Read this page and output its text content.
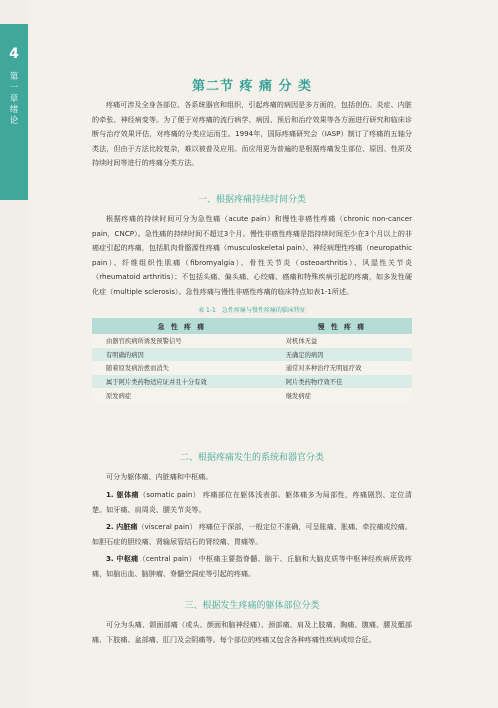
4
第一章 绪论
第二节 疼 痛 分 类
疼痛可涉及全身各部位、各系统器官和组织，引起疼痛的病因是多方面的，包括创伤、炎症、内脏的牵张、神经病变等。为了便于对疼痛的流行病学、病因、预后和治疗效果等各方面进行研究和临床诊断与治疗效果评估，对疼痛的分类应运而生。1994年，国际疼痛研究会（IASP）制订了疼痛的五轴分类法，但由于方法比较复杂，难以被普及应用。而应用更为普遍的是根据疼痛发生部位、原因、性质及持续时间等进行的疼痛分类方法。
一、根据疼痛持续时间分类
根据疼痛的持续时间可分为急性痛（acute pain）和慢性非癌性疼痛（chronic non-cancer pain，CNCP）。急性痛的持续时间不超过3个月。慢性非癌性疼痛是指持续时间至少在3个月以上的非癌症引起的疼痛，包括肌肉骨骼源性疼痛（musculoskeletal pain）、神经病理性疼痛（neuropathic pain）、纤维组织性肌痛（fibromyalgia）、骨性关节炎（osteoarthritis）、风湿性关节炎（rheumatoid arthritis）；不包括头痛、偏头痛、心绞痛、癌痛和特殊疾病引起的疼痛，如多发性硬化症（multiple sclerosis）。急性疼痛与慢性非癌性疼痛的临床特点如表1-1所述。
表 1-1　急性疼痛与慢性疼痛的临床特征
急 性 疼 痛	慢 性 疼 痛
由器官疾病所诱发预警信号	对机体无益
有明确的病因	无确定的病因
随着原发病治愈而消失	通常对多种治疗无明显疗效
属于阿片类药物适应证并且十分有效	阿片类药物疗效不佳
原发病症	继发病症
二、根据疼痛发生的系统和器官分类
可分为躯体痛、内脏痛和中枢痛。
1. 躯体痛（somatic pain） 疼痛部位在躯体浅表部。躯体痛多为局部性，疼痛剧烈、定位清楚。如牙痛、肩周炎、腰关节炎等。
2. 内脏痛（visceral pain） 疼痛位于深部，一般定位不准确，可呈胀痛、胀痛、牵拉痛或绞痛。如胆石症的胆绞痛、肾输尿管结石的肾绞痛、胃痛等。
3. 中枢痛（central pain） 中枢痛主要指脊髓、脑干、丘脑和大脑皮质等中枢神经疾病所致疼痛，如脑出血、脑肿瘤、脊髓空洞症等引起的疼痛。
三、根据发生疼痛的躯体部位分类
可分为头痛、颌面部痛（或头、颜面和脑神经痛）、颈部痛、肩及上肢痛、胸痛、腹痛、腰及骶部痛、下肢痛、盆部痛、肛门及会阴痛等。每个部位的疼痛又包含各种疼痛性疾病或综合征。
